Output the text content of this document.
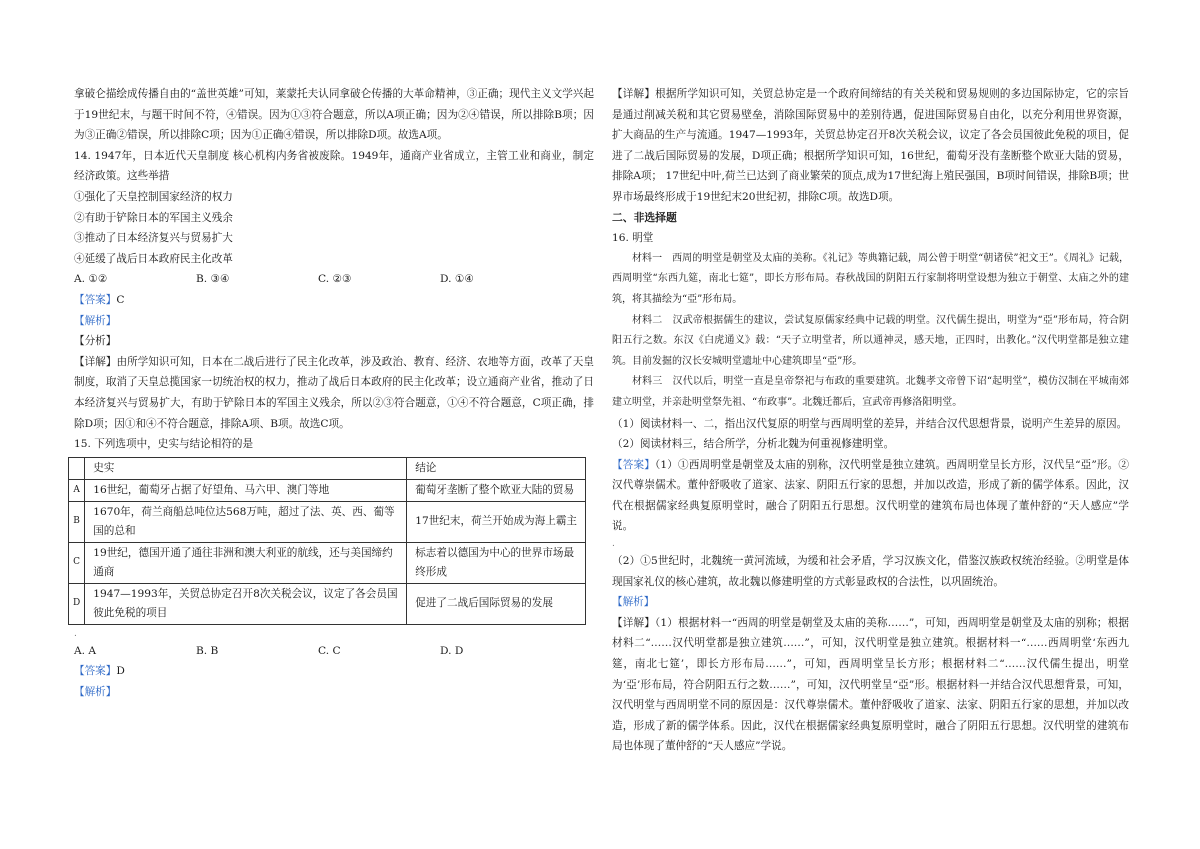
拿破仑描绘成传播自由的“盖世英雄”可知，莱蒙托夫认同拿破仑传播的大革命精神，③正确；现代主义文学兴起于19世纪末，与题干时间不符，④错误。因为①③符合题意，所以A项正确；因为②④错误，所以排除B项；因为③正确②错误，所以排除C项；因为①正确④错误，所以排除D项。故选A项。

14. 1947年，日本近代天皇制度 核心机构内务省被废除。1949年，通商产业省成立，主管工业和商业，制定经济政策。这些举措

①强化了天皇控制国家经济的权力

②有助于铲除日本的军国主义残余

③推动了日本经济复兴与贸易扩大

④延缓了战后日本政府民主化改革

A. ①②	B. ③④	C. ②③	D. ①④

【答案】C

【解析】

【分析】

【详解】由所学知识可知，日本在二战后进行了民主化改革，涉及政治、教育、经济、农地等方面，改革了天皇制度，取消了天皇总揽国家一切统治权的权力，推动了战后日本政府的民主化改革；设立通商产业省，推动了日本经济复兴与贸易扩大，有助于铲除日本的军国主义残余，所以②③符合题意，①④不符合题意，C项正确，排除D项；因①和④不符合题意，排除A项、B项。故选C项。

15. 下列选项中，史实与结论相符的是

	史实	结论
A	16世纪，葡萄牙占据了好望角、马六甲、澳门等地	葡萄牙垄断了整个欧亚大陆的贸易
B	1670年，荷兰商船总吨位达568万吨，超过了法、英、西、葡等国的总和	17世纪末，荷兰开始成为海上霸主
C	19世纪，德国开通了通往非洲和澳大利亚的航线，还与美国缔约通商	标志着以德国为中心的世界市场最终形成
D	1947—1993年，关贸总协定召开8次关税会议，议定了各会员国彼此免税的项目	促进了二战后国际贸易的发展
.
A. A	B. B	C. C	D. D

【答案】D

【解析】

【详解】根据所学知识可知，关贸总协定是一个政府间缔结的有关关税和贸易规则的多边国际协定，它的宗旨是通过削减关税和其它贸易壁垒，消除国际贸易中的差别待遇，促进国际贸易自由化，以充分利用世界资源，扩大商品的生产与流通。1947—1993年，关贸总协定召开8次关税会议，议定了各会员国彼此免税的项目，促进了二战后国际贸易的发展，D项正确；根据所学知识可知，16世纪，葡萄牙没有垄断整个欧亚大陆的贸易，排除A项； 17世纪中叶,荷兰已达到了商业繁荣的顶点,成为17世纪海上殖民强国，B项时间错误，排除B项；世界市场最终形成于19世纪末20世纪初，排除C项。故选D项。

二、非选择题

16. 明堂

材料一　西周的明堂是朝堂及太庙的美称。《礼记》等典籍记载，周公曾于明堂“朝诸侯”祀文王”。《周礼》记载，西周明堂“东西九筵，南北七筵”，即长方形布局。春秋战国的阴阳五行家制将明堂设想为独立于朝堂、太庙之外的建筑，将其描绘为“亞”形布局。

材料二　汉武帝根据儒生的建议，尝试复原儒家经典中记载的明堂。汉代儒生提出，明堂为“亞”形布局，符合阴阳五行之数。东汉《白虎通义》载：“天子立明堂者，所以通神灵，感天地，正四时，出教化。”汉代明堂都是独立建筑。目前发掘的汉长安城明堂遗址中心建筑即呈“亞”形。

材料三　汉代以后，明堂一直是皇帝祭祀与布政的重要建筑。北魏孝文帝曾下诏“起明堂”，模仿汉制在平城南郊建立明堂，并亲赴明堂祭先祖、“布政事”。北魏迁都后，宣武帝再修洛阳明堂。

（1）阅读材料一、二，指出汉代复原的明堂与西周明堂的差异，并结合汉代思想背景，说明产生差异的原因。

（2）阅读材料三，结合所学，分析北魏为何重视修建明堂。

【答案】（1）①西周明堂是朝堂及太庙的别称，汉代明堂是独立建筑。西周明堂呈长方形，汉代呈“亞”形。②汉代尊崇儒术。董仲舒吸收了道家、法家、阴阳五行家的思想，并加以改造，形成了新的儒学体系。因此，汉代在根据儒家经典复原明堂时，融合了阴阳五行思想。汉代明堂的建筑布局也体现了董仲舒的“天人感应”学说。

.

（2）①5世纪时，北魏统一黄河流域，为缓和社会矛盾，学习汉族文化，借鉴汉族政权统治经验。②明堂是体现国家礼仪的核心建筑，故北魏以修建明堂的方式彰显政权的合法性，以巩固统治。

【解析】

【详解】（1）根据材料一“西周的明堂是朝堂及太庙的美称……”，可知，西周明堂是朝堂及太庙的别称；根据材料二“……汉代明堂都是独立建筑……”，可知，汉代明堂是独立建筑。根据材料一“……西周明堂‘东西九筵，南北七筵’，即长方形布局……”，可知，西周明堂呈长方形；根据材料二“……汉代儒生提出，明堂为‘亞’形布局，符合阴阳五行之数……”，可知，汉代明堂呈“亞”形。根据材料一并结合汉代思想背景，可知，汉代明堂与西周明堂不同的原因是：汉代尊崇儒术。董仲舒吸收了道家、法家、阴阳五行家的思想，并加以改造，形成了新的儒学体系。因此，汉代在根据儒家经典复原明堂时，融合了阴阳五行思想。汉代明堂的建筑布局也体现了董仲舒的“天人感应”学说。
